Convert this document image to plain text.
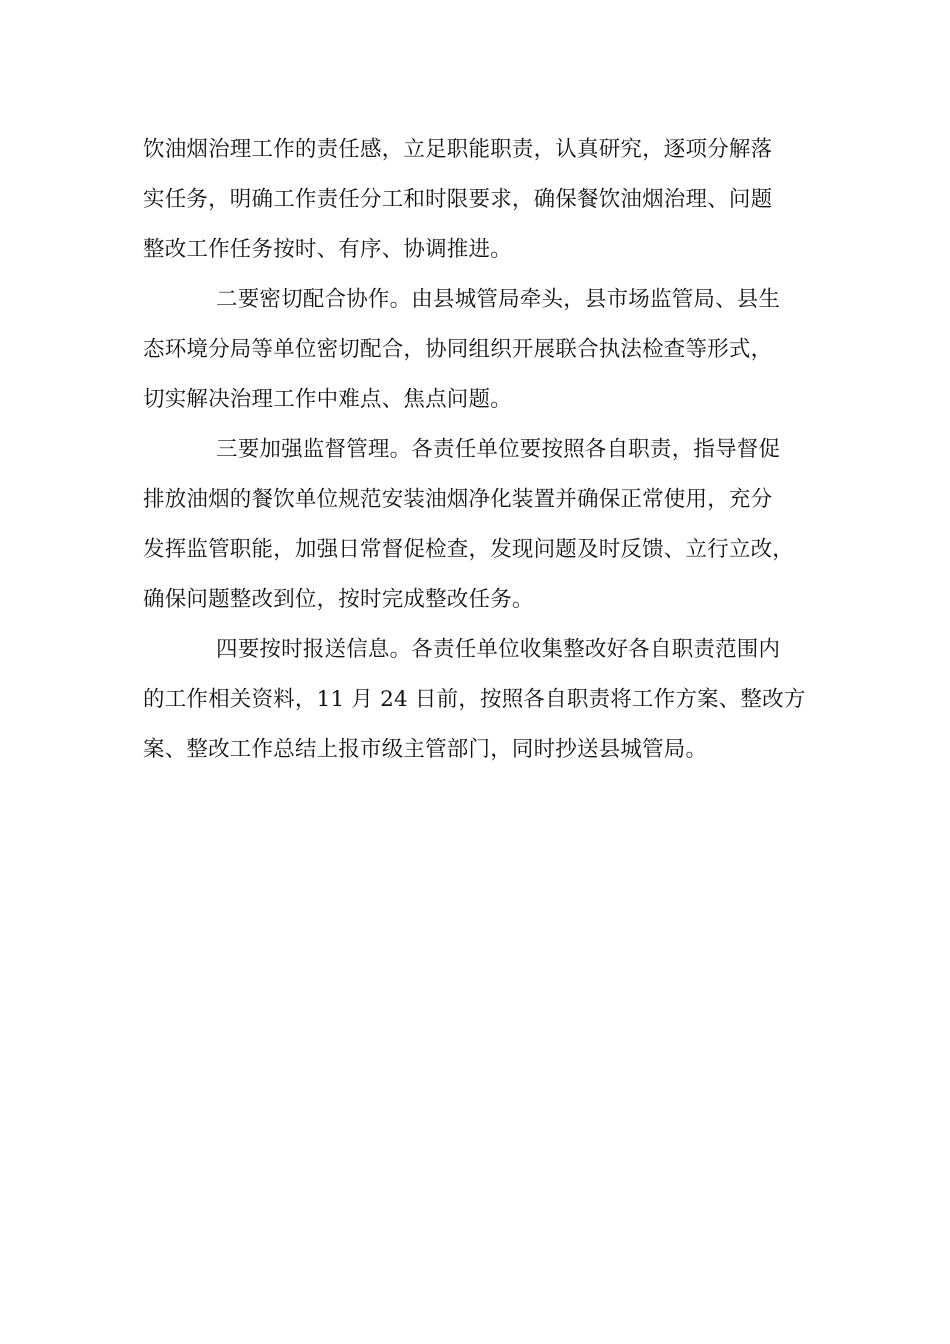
饮油烟治理工作的责任感，立足职能职责，认真研究，逐项分解落
实任务，明确工作责任分工和时限要求，确保餐饮油烟治理、问题
整改工作任务按时、有序、协调推进。
二要密切配合协作。由县城管局牵头，县市场监管局、县生
态环境分局等单位密切配合，协同组织开展联合执法检查等形式，
切实解决治理工作中难点、焦点问题。
三要加强监督管理。各责任单位要按照各自职责，指导督促
排放油烟的餐饮单位规范安装油烟净化装置并确保正常使用，充分
发挥监管职能，加强日常督促检查，发现问题及时反馈、立行立改，
确保问题整改到位，按时完成整改任务。
四要按时报送信息。各责任单位收集整改好各自职责范围内
的工作相关资料，11 月 24 日前，按照各自职责将工作方案、整改方
案、整改工作总结上报市级主管部门，同时抄送县城管局。
